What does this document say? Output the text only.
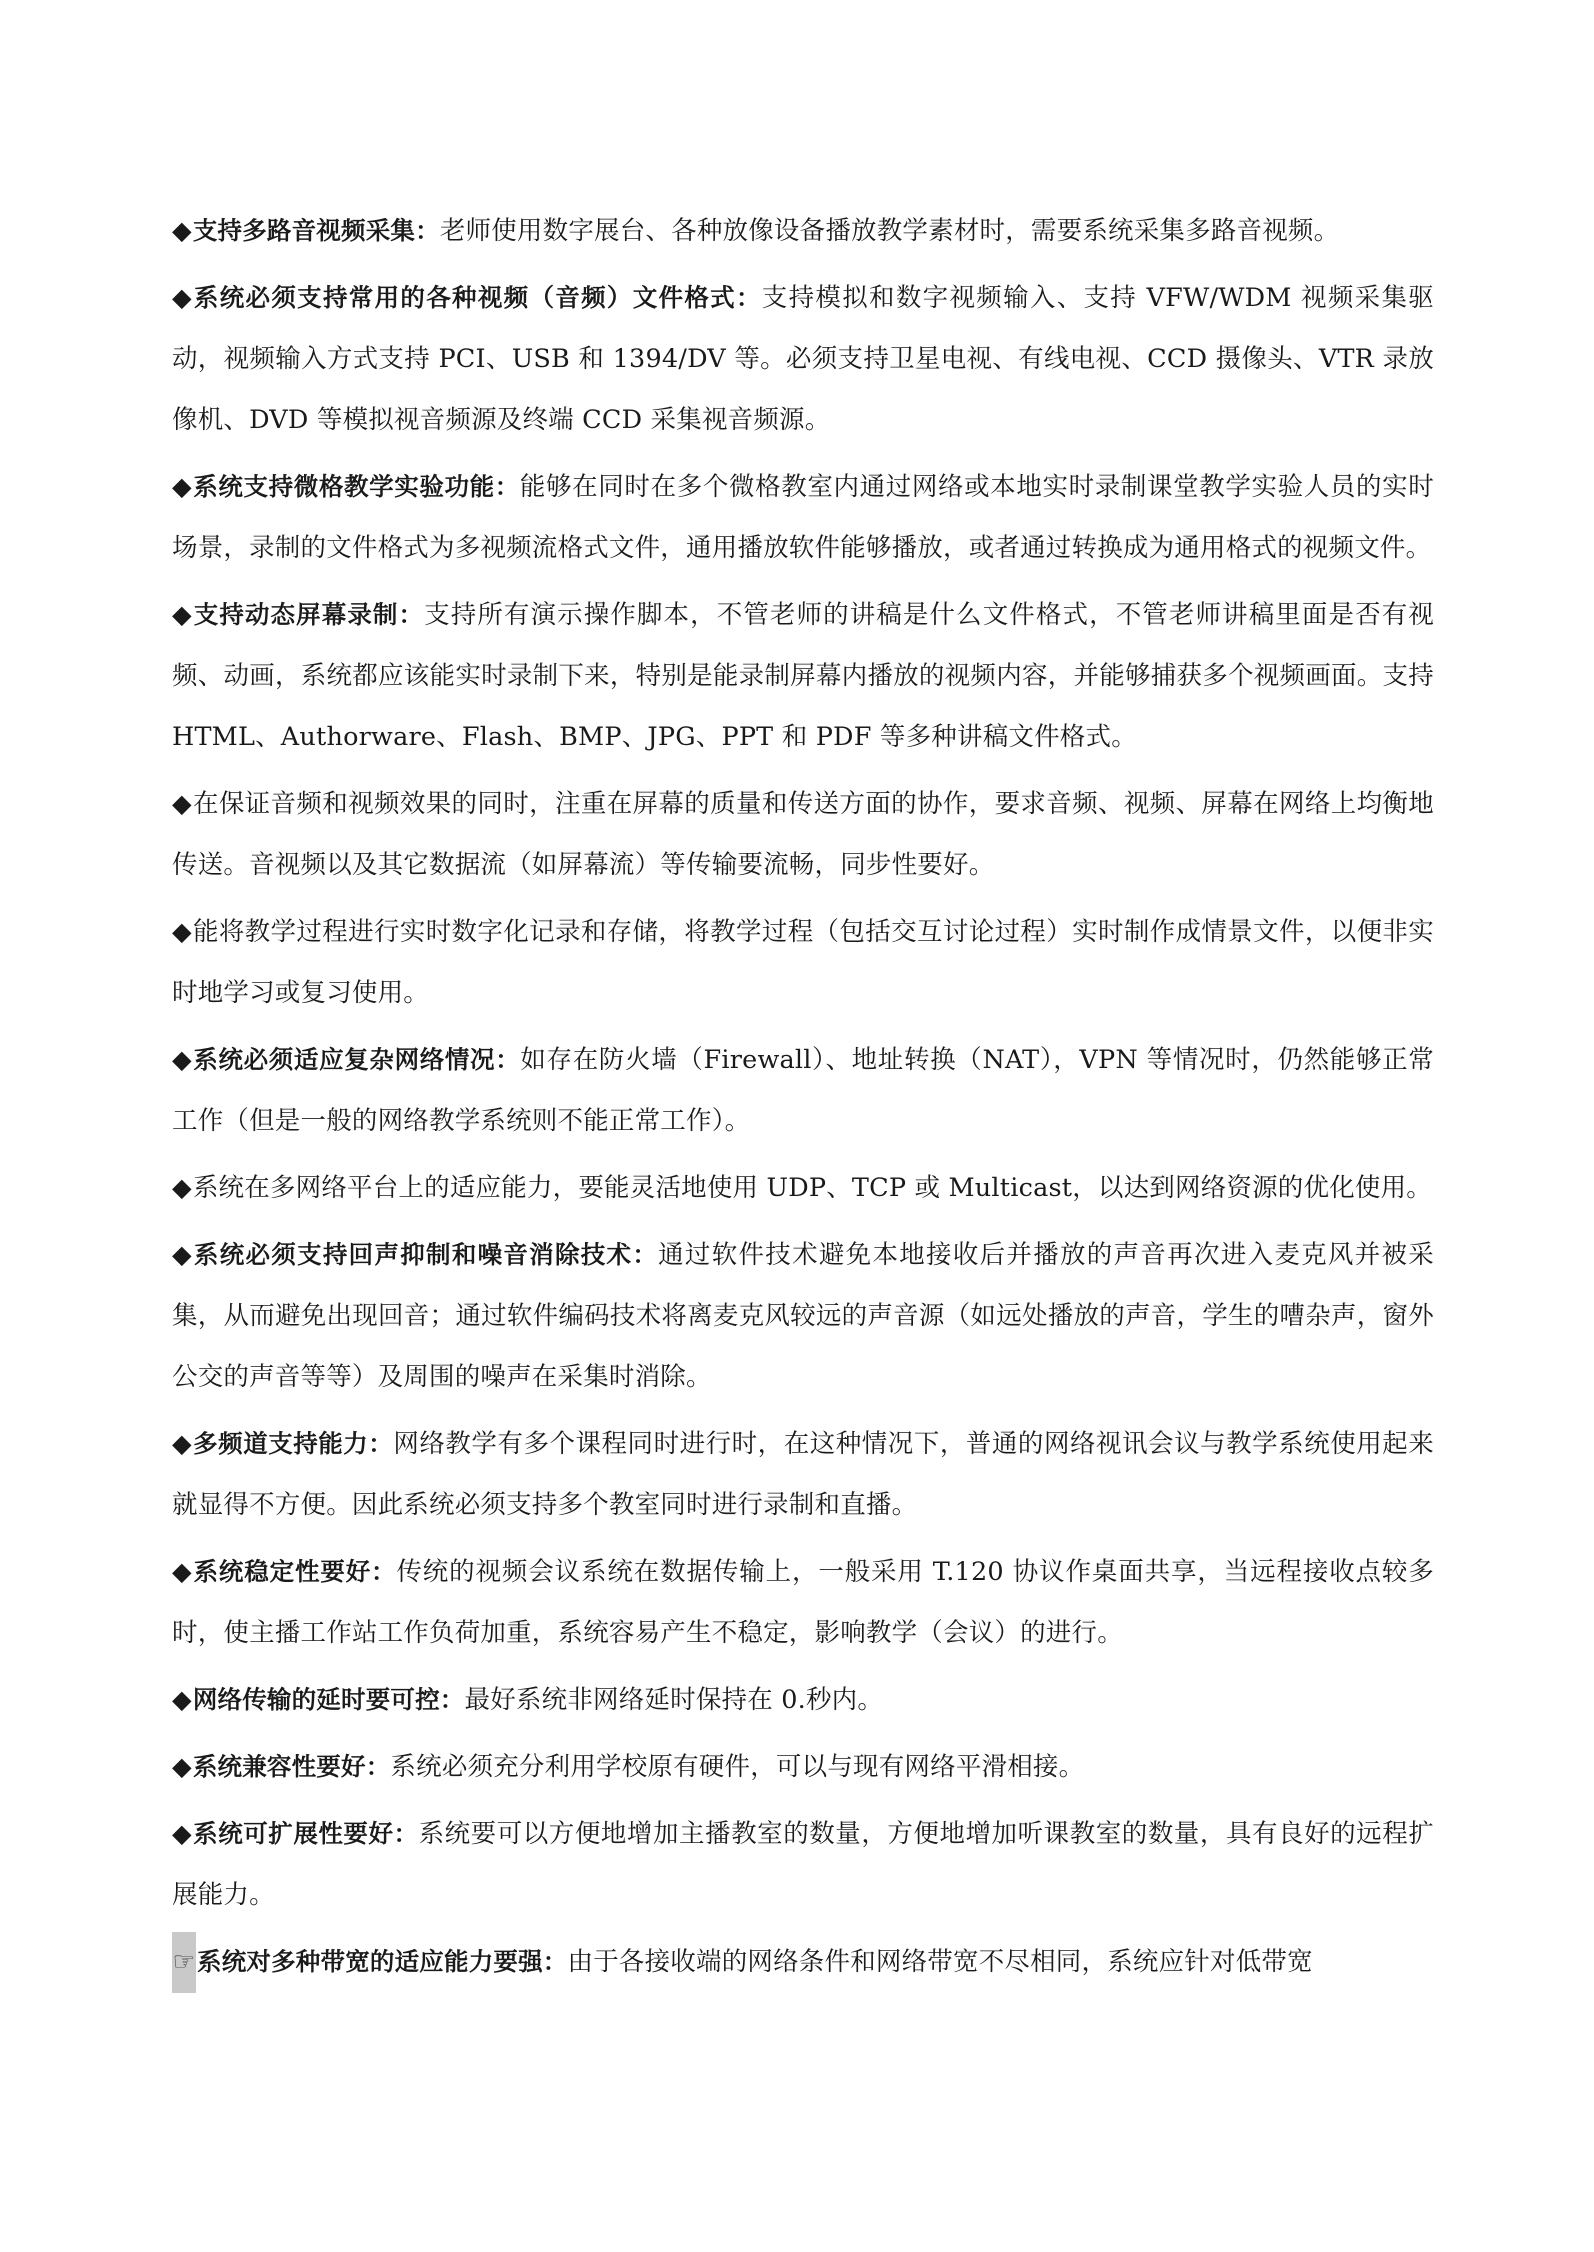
◆支持多路音视频采集：老师使用数字展台、各种放像设备播放教学素材时，需要系统采集多路音视频。

◆系统必须支持常用的各种视频（音频）文件格式：支持模拟和数字视频输入、支持 VFW/WDM 视频采集驱动，视频输入方式支持 PCI、USB 和 1394/DV 等。必须支持卫星电视、有线电视、CCD 摄像头、VTR 录放像机、DVD 等模拟视音频源及终端 CCD 采集视音频源。

◆系统支持微格教学实验功能：能够在同时在多个微格教室内通过网络或本地实时录制课堂教学实验人员的实时场景，录制的文件格式为多视频流格式文件，通用播放软件能够播放，或者通过转换成为通用格式的视频文件。

◆支持动态屏幕录制：支持所有演示操作脚本，不管老师的讲稿是什么文件格式，不管老师讲稿里面是否有视频、动画，系统都应该能实时录制下来，特别是能录制屏幕内播放的视频内容，并能够捕获多个视频画面。支持 HTML、Authorware、Flash、BMP、JPG、PPT 和 PDF 等多种讲稿文件格式。

◆在保证音频和视频效果的同时，注重在屏幕的质量和传送方面的协作，要求音频、视频、屏幕在网络上均衡地传送。音视频以及其它数据流（如屏幕流）等传输要流畅，同步性要好。

◆能将教学过程进行实时数字化记录和存储，将教学过程（包括交互讨论过程）实时制作成情景文件，以便非实时地学习或复习使用。

◆系统必须适应复杂网络情况：如存在防火墙（Firewall）、地址转换（NAT），VPN 等情况时，仍然能够正常工作（但是一般的网络教学系统则不能正常工作）。

◆系统在多网络平台上的适应能力，要能灵活地使用 UDP、TCP 或 Multicast，以达到网络资源的优化使用。

◆系统必须支持回声抑制和噪音消除技术：通过软件技术避免本地接收后并播放的声音再次进入麦克风并被采集，从而避免出现回音；通过软件编码技术将离麦克风较远的声音源（如远处播放的声音，学生的嘈杂声，窗外公交的声音等等）及周围的噪声在采集时消除。

◆多频道支持能力：网络教学有多个课程同时进行时，在这种情况下，普通的网络视讯会议与教学系统使用起来就显得不方便。因此系统必须支持多个教室同时进行录制和直播。

◆系统稳定性要好：传统的视频会议系统在数据传输上，一般采用 T.120 协议作桌面共享，当远程接收点较多时，使主播工作站工作负荷加重，系统容易产生不稳定，影响教学（会议）的进行。

◆网络传输的延时要可控：最好系统非网络延时保持在 0.秒内。

◆系统兼容性要好：系统必须充分利用学校原有硬件，可以与现有网络平滑相接。

◆系统可扩展性要好：系统要可以方便地增加主播教室的数量，方便地增加听课教室的数量，具有良好的远程扩展能力。

☞系统对多种带宽的适应能力要强：由于各接收端的网络条件和网络带宽不尽相同，系统应针对低带宽
